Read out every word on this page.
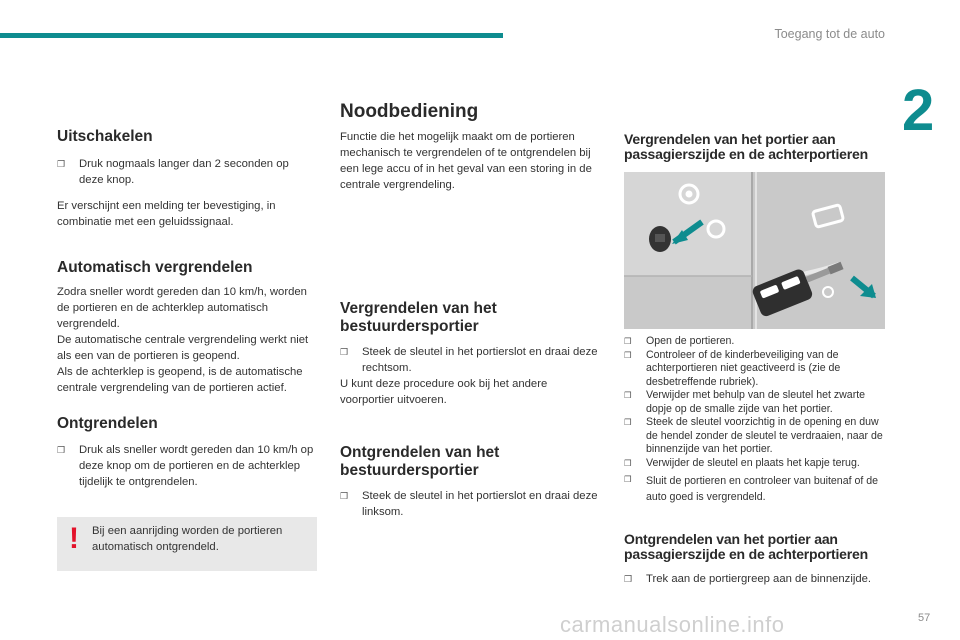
Toegang tot de auto
2
Uitschakelen
❒	Druk nogmaals langer dan 2 seconden op deze knop.

Er verschijnt een melding ter bevestiging, in combinatie met een geluidssignaal.

Automatisch vergrendelen

Zodra sneller wordt gereden dan 10 km/h, worden de portieren en de achterklep automatisch vergrendeld.

De automatische centrale vergrendeling werkt niet als een van de portieren is geopend.

Als de achterklep is geopend, is de automatische centrale vergrendeling van de portieren actief.

Ontgrendelen
❒	Druk als sneller wordt gereden dan 10 km/h op deze knop om de portieren en de achterklep tijdelijk te ontgrendelen.
! Bij een aanrijding worden de portieren automatisch ontgrendeld.
Noodbediening

Functie die het mogelijk maakt om de portieren mechanisch te vergrendelen of te ontgrendelen bij een lege accu of in het geval van een storing in de centrale vergrendeling.

Vergrendelen van het bestuurdersportier
❒	Steek de sleutel in het portierslot en draai deze rechtsom.

U kunt deze procedure ook bij het andere voorportier uitvoeren.

Ontgrendelen van het bestuurdersportier
❒	Steek de sleutel in het portierslot en draai deze linksom.
Vergrendelen van het portier aan passagierszijde en de achterportieren
❒	Open de portieren.
❒	Controleer of de kinderbeveiliging van de achterportieren niet geactiveerd is (zie de desbetreffende rubriek).
❒	Verwijder met behulp van de sleutel het zwarte dopje op de smalle zijde van het portier.
❒	Steek de sleutel voorzichtig in de opening en duw de hendel zonder de sleutel te verdraaien, naar de binnenzijde van het portier.
❒	Verwijder de sleutel en plaats het kapje terug.
❒	Sluit de portieren en controleer van buitenaf of de auto goed is vergrendeld.
Ontgrendelen van het portier aan passagierszijde en de achterportieren
❒	Trek aan de portiergreep aan de binnenzijde.
carmanualsonline.info	57
